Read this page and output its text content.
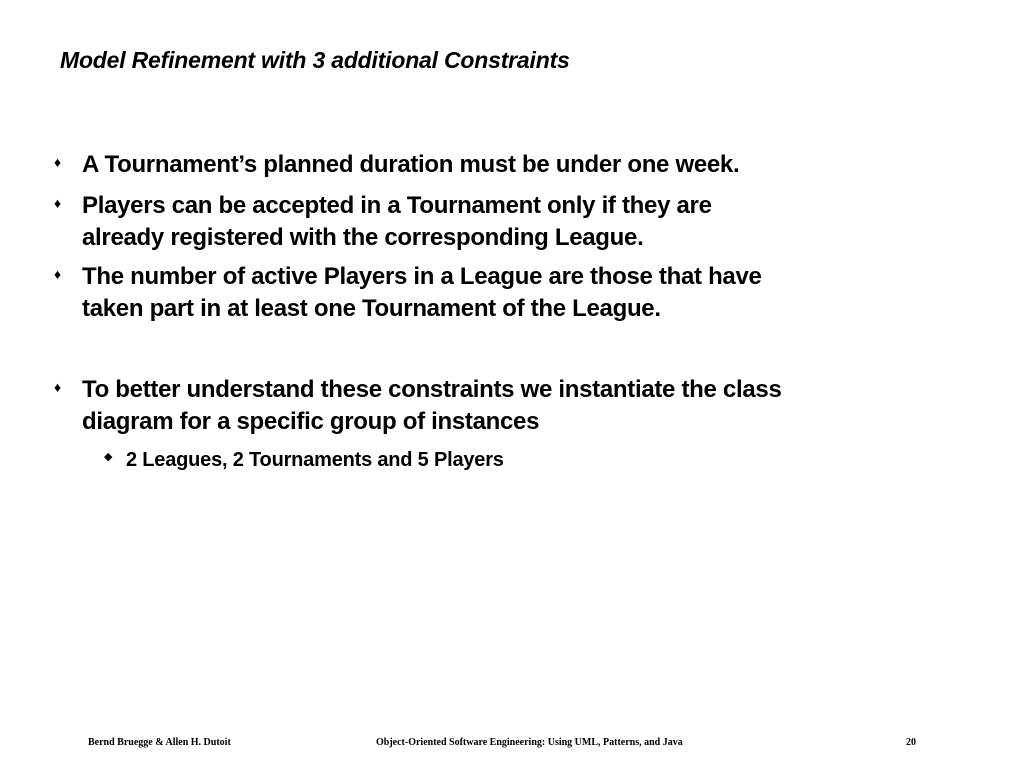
Model Refinement with 3 additional Constraints
♦ A Tournament’s planned duration must be under one week.
♦ Players can be accepted in a Tournament only if they are
already registered with the corresponding League.
♦ The number of active Players in a League are those that have
taken part in at least one Tournament of the League.
♦ To better understand these constraints we instantiate the class
diagram for a specific group of instances
◆ 2 Leagues, 2 Tournaments and 5 Players
Bernd Bruegge & Allen H. Dutoit	Object-Oriented Software Engineering: Using UML, Patterns, and Java	20
